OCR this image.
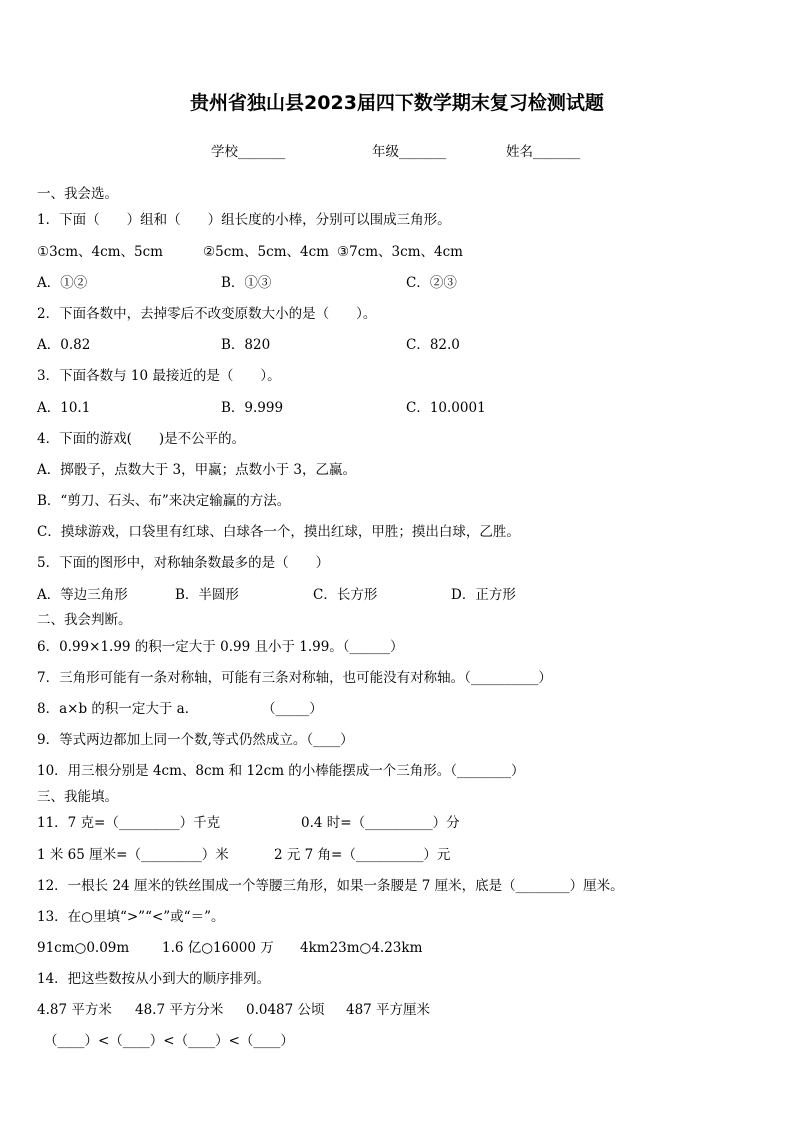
贵州省独山县2023届四下数学期末复习检测试题
学校_______	年级_______	姓名_______
一、我会选。
1．下面（　　）组和（　　）组长度的小棒，分别可以围成三角形。
①3cm、4cm、5cm	②5cm、5cm、4cm ③7cm、3cm、4cm
A．①②	B．①③	C．②③
2．下面各数中，去掉零后不改变原数大小的是（　　）。
A．0.82	B．820	C．82.0
3．下面各数与 10 最接近的是（　　）。
A．10.1	B．9.999	C．10.0001
4．下面的游戏(　　)是不公平的。
A．掷骰子，点数大于 3，甲赢；点数小于 3，乙赢。
B．“剪刀、石头、布”来决定输赢的方法。
C．摸球游戏，口袋里有红球、白球各一个，摸出红球，甲胜；摸出白球，乙胜。
5．下面的图形中，对称轴条数最多的是（　　）
A．等边三角形	B．半圆形	C．长方形	D．正方形
二、我会判断。
6．0.99×1.99 的积一定大于 0.99 且小于 1.99。（______）
7．三角形可能有一条对称轴，可能有三条对称轴，也可能没有对称轴。（__________）
8．a×b 的积一定大于 a．	（_____）
9．等式两边都加上同一个数,等式仍然成立。（____）
10．用三根分别是 4cm、8cm 和 12cm 的小棒能摆成一个三角形。（________）
三、我能填。
11．7 克=（_________）千克	0.4 时=（__________）分
1 米 65 厘米=（_________）米	2 元 7 角=（__________）元
12．一根长 24 厘米的铁丝围成一个等腰三角形，如果一条腰是 7 厘米，底是（________）厘米。
13．在○里填“>”“<”或“＝”。
91cm○0.09m 1.6 亿○16000 万 4km23m○4.23km
14．把这些数按从小到大的顺序排列。
4.87 平方米 48.7 平方分米 0.0487 公顷 487 平方厘米
（____）<（____）<（____）<（____）
